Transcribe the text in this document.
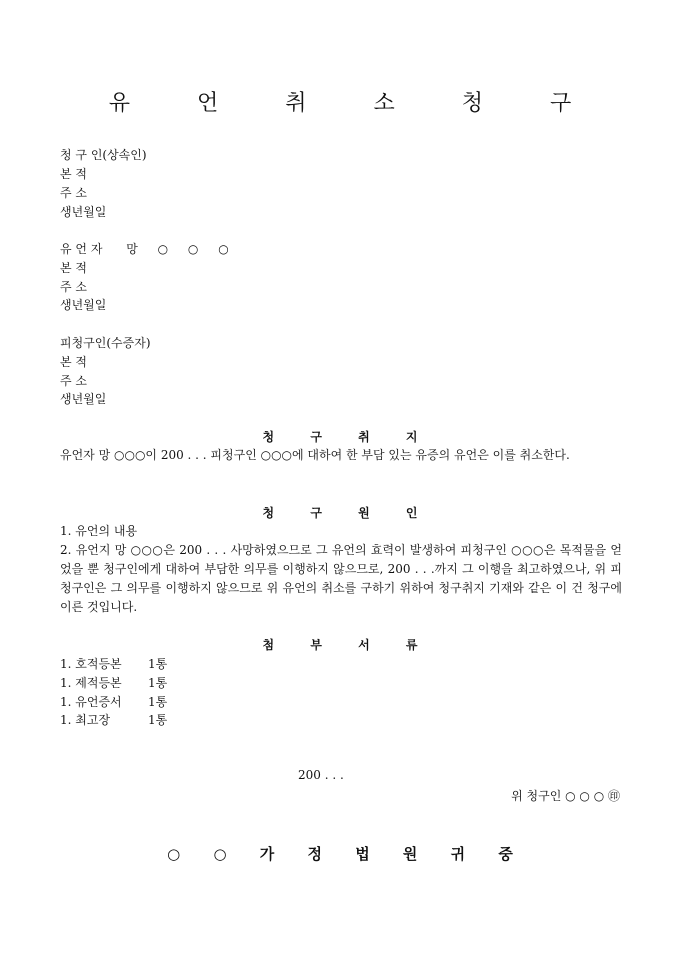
유 언 취 소 청 구
청 구 인(상속인)
본 적
주 소
생년월일
유 언 자 망 ○ ○ ○
본 적
주 소
생년월일
피청구인(수증자)
본 적
주 소
생년월일
청 구 취 지
유언자 망 ○○○이 200 . . . 피청구인 ○○○에 대하여 한 부담 있는 유증의 유언은 이를 취소한다.
청 구 원 인
1. 유언의 내용
2. 유언지 망 ○○○은 200 . . . 사망하였으므로 그 유언의 효력이 발생하여 피청구인 ○○○은 목적물을 얻었을 뿐 청구인에게 대하여 부담한 의무를 이행하지 않으므로, 200 . . .까지 그 이행을 최고하였으나, 위 피청구인은 그 의무를 이행하지 않으므로 위 유언의 취소를 구하기 위하여 청구취지 기재와 같은 이 건 청구에 이른 것입니다.
첨 부 서 류
1. 호적등본 1통
1. 제적등본 1통
1. 유언증서 1통
1. 최고장	1통
200 . . .
위 청구인 ○ ○ ○ ㊞
○ ○ 가 정 법 원 귀 중
